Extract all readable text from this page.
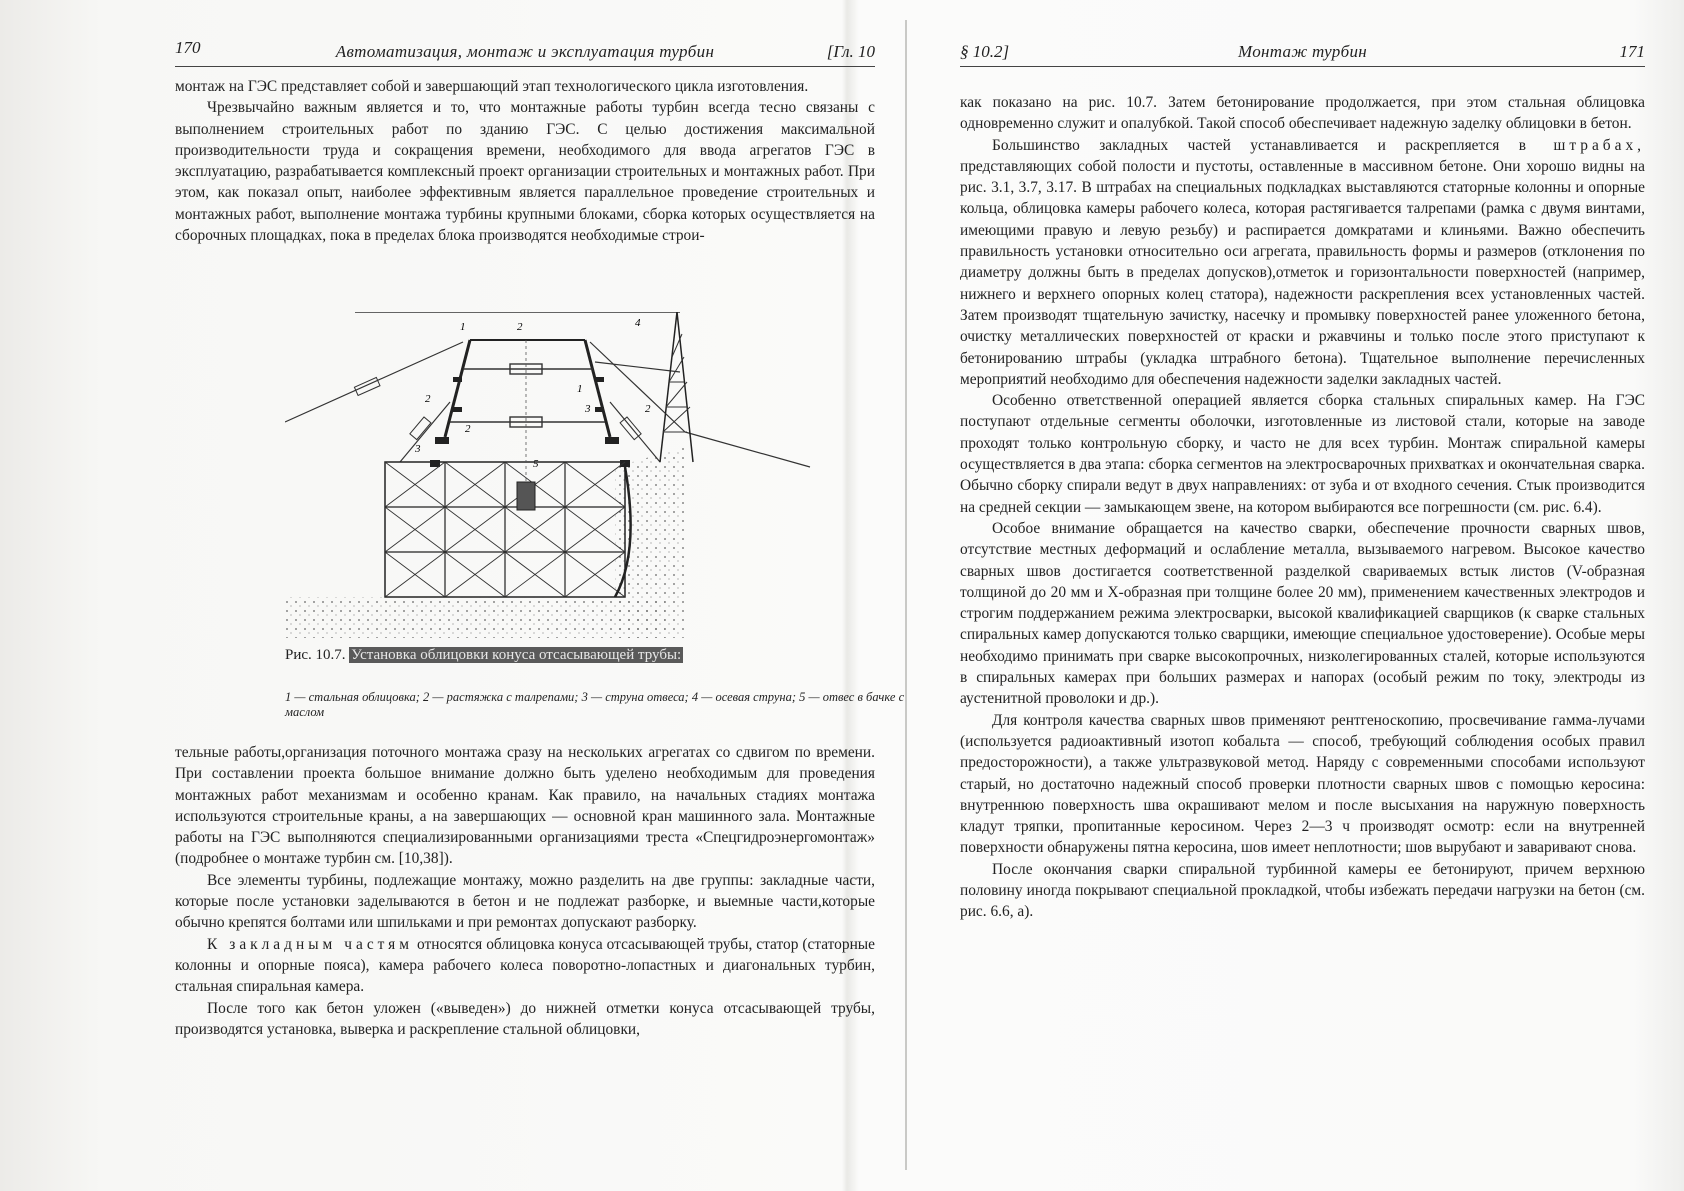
170	Автоматизация, монтаж и эксплуатация турбин	[Гл. 10

монтаж на ГЭС представляет собой и завершающий этап технологического цикла изготовления.

Чрезвычайно важным является и то, что монтажные работы турбин всегда тесно связаны с выполнением строительных работ по зданию ГЭС. С целью достижения максимальной производительности труда и сокращения времени, необходимого для ввода агрегатов ГЭС в эксплуатацию, разрабатывается комплексный проект организации строительных и монтажных работ. При этом, как показал опыт, наиболее эффективным является параллельное проведение строительных и монтажных работ, выполнение монтажа турбины крупными блоками, сборка которых осуществляется на сборочных площадках, пока в пределах блока производятся необходимые строи-

1	2
2
3
1
3	2
2
4
5
Рис. 10.7. Установка облицовки конуса отсасывающей трубы:
1 — стальная облицовка; 2 — растяжка с талрепами; 3 — струна отвеса; 4 — осевая струна; 5 — отвес в бачке с маслом

тельные работы,организация поточного монтажа сразу на нескольких агрегатах со сдвигом по времени. При составлении проекта большое внимание должно быть уделено необходимым для проведения монтажных работ механизмам и особенно кранам. Как правило, на начальных стадиях монтажа используются строительные краны, а на завершающих — основной кран машинного зала. Монтажные работы на ГЭС выполняются специализированными организациями треста «Спецгидроэнергомонтаж» (подробнее о монтаже турбин см. [10,38]).

Все элементы турбины, подлежащие монтажу, можно разделить на две группы: закладные части, которые после установки заделываются в бетон и не подлежат разборке, и выемные части,которые обычно крепятся болтами или шпильками и при ремонтах допускают разборку.

К закладным частям относятся облицовка конуса отсасывающей трубы, статор (статорные колонны и опорные пояса), камера рабочего колеса поворотно-лопастных и диагональных турбин, стальная спиральная камера.

После того как бетон уложен («выведен») до нижней отметки конуса отсасывающей трубы, производятся установка, выверка и раскрепление стальной облицовки,

§ 10.2]	Монтаж турбин	171

как показано на рис. 10.7. Затем бетонирование продолжается, при этом стальная облицовка одновременно служит и опалубкой. Такой способ обеспечивает надежную заделку облицовки в бетон.

Большинство закладных частей устанавливается и раскрепляется в штрабах, представляющих собой полости и пустоты, оставленные в массивном бетоне. Они хорошо видны на рис. 3.1, 3.7, 3.17. В штрабах на специальных подкладках выставляются статорные колонны и опорные кольца, облицовка камеры рабочего колеса, которая растягивается талрепами (рамка с двумя винтами, имеющими правую и левую резьбу) и распирается домкратами и клиньями. Важно обеспечить правильность установки относительно оси агрегата, правильность формы и размеров (отклонения по диаметру должны быть в пределах допусков),отметок и горизонтальности поверхностей (например, нижнего и верхнего опорных колец статора), надежности раскрепления всех установленных частей. Затем производят тщательную зачистку, насечку и промывку поверхностей ранее уложенного бетона, очистку металлических поверхностей от краски и ржавчины и только после этого приступают к бетонированию штрабы (укладка штрабного бетона). Тщательное выполнение перечисленных мероприятий необходимо для обеспечения надежности заделки закладных частей.

Особенно ответственной операцией является сборка стальных спиральных камер. На ГЭС поступают отдельные сегменты оболочки, изготовленные из листовой стали, которые на заводе проходят только контрольную сборку, и часто не для всех турбин. Монтаж спиральной камеры осуществляется в два этапа: сборка сегментов на электросварочных прихватках и окончательная сварка. Обычно сборку спирали ведут в двух направлениях: от зуба и от входного сечения. Стык производится на средней секции — замыкающем звене, на котором выбираются все погрешности (см. рис. 6.4).

Особое внимание обращается на качество сварки, обеспечение прочности сварных швов, отсутствие местных деформаций и ослабление металла, вызываемого нагревом. Высокое качество сварных швов достигается соответственной разделкой свариваемых встык листов (V-образная толщиной до 20 мм и X-образная при толщине более 20 мм), применением качественных электродов и строгим поддержанием режима электросварки, высокой квалификацией сварщиков (к сварке стальных спиральных камер допускаются только сварщики, имеющие специальное удостоверение). Особые меры необходимо принимать при сварке высокопрочных, низколегированных сталей, которые используются в спиральных камерах при больших размерах и напорах (особый режим по току, электроды из аустенитной проволоки и др.).

Для контроля качества сварных швов применяют рентгеноскопию, просвечивание гамма-лучами (используется радиоактивный изотоп кобальта — способ, требующий соблюдения особых правил предосторожности), а также ультразвуковой метод. Наряду с современными способами используют старый, но достаточно надежный способ проверки плотности сварных швов с помощью керосина: внутреннюю поверхность шва окрашивают мелом и после высыхания на наружную поверхность кладут тряпки, пропитанные керосином. Через 2—3 ч производят осмотр: если на внутренней поверхности обнаружены пятна керосина, шов имеет неплотности; шов вырубают и заваривают снова.

После окончания сварки спиральной турбинной камеры ее бетонируют, причем верхнюю половину иногда покрывают специальной прокладкой, чтобы избежать передачи нагрузки на бетон (см. рис. 6.6, а).
